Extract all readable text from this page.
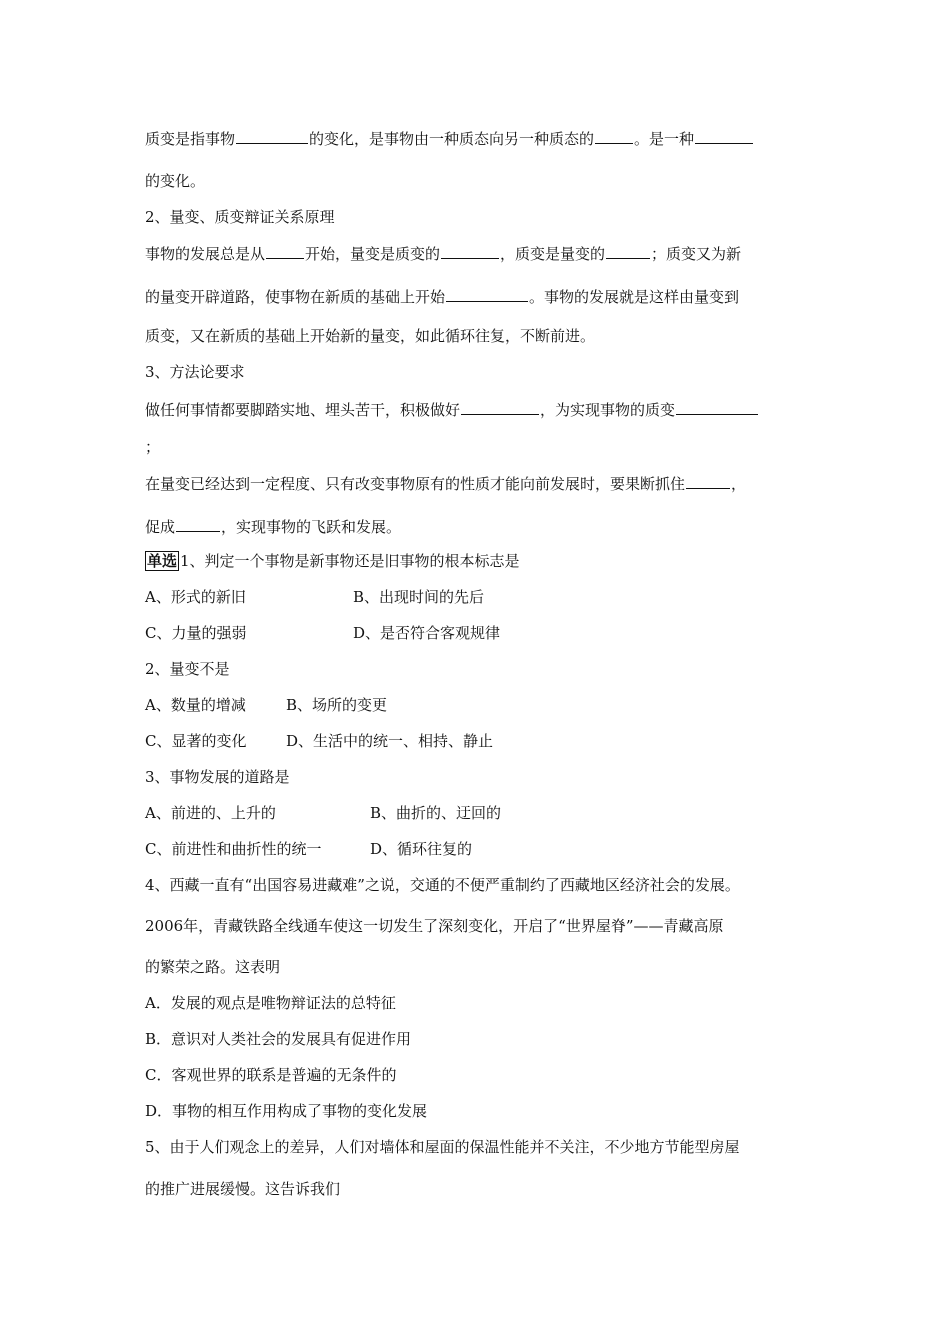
质变是指事物	的变化，是事物由一种质态向另一种质态的	。是一种
的变化。
2、量变、质变辩证关系原理
事物的发展总是从	开始，量变是质变的	，质变是量变的	；质变又为新
的量变开辟道路，使事物在新质的基础上开始	。事物的发展就是这样由量变到
质变，又在新质的基础上开始新的量变，如此循环往复，不断前进。
3、方法论要求
做任何事情都要脚踏实地、埋头苦干，积极做好	，为实现事物的质变
；
在量变已经达到一定程度、只有改变事物原有的性质才能向前发展时，要果断抓住	，
促成	，实现事物的飞跃和发展。
单选 1、判定一个事物是新事物还是旧事物的根本标志是
A、形式的新旧	B、出现时间的先后
C、力量的强弱	D、是否符合客观规律
2、量变不是
A、数量的增减	B、场所的变更
C、显著的变化	D、生活中的统一、相持、静止
3、事物发展的道路是
A、前进的、上升的	B、曲折的、迂回的
C、前进性和曲折性的统一	D、循环往复的
4、西藏一直有“出国容易进藏难”之说，交通的不便严重制约了西藏地区经济社会的发展。
2006年，青藏铁路全线通车使这一切发生了深刻变化，开启了“世界屋脊”——青藏高原
的繁荣之路。这表明
A．发展的观点是唯物辩证法的总特征
B．意识对人类社会的发展具有促进作用
C．客观世界的联系是普遍的无条件的
D．事物的相互作用构成了事物的变化发展
5、由于人们观念上的差异，人们对墙体和屋面的保温性能并不关注，不少地方节能型房屋
的推广进展缓慢。这告诉我们
